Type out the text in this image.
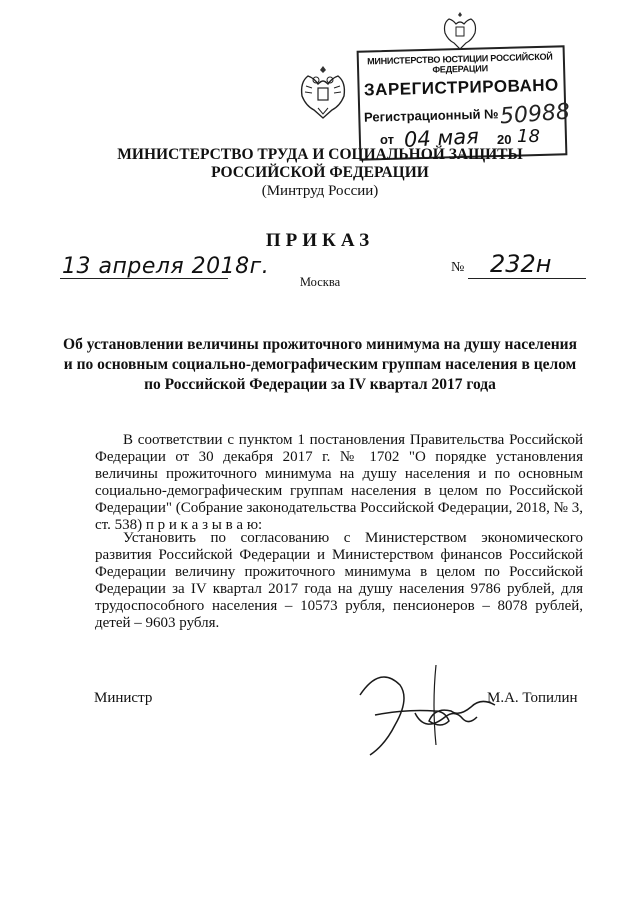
МИНИСТЕРСТВО ЮСТИЦИИ РОССИЙСКОЙ ФЕДЕРАЦИИ
ЗАРЕГИСТРИРОВАНО
Регистрационный № 50988
от 04 мая 20 18
МИНИСТЕРСТВО ТРУДА И СОЦИАЛЬНОЙ ЗАЩИТЫ
РОССИЙСКОЙ ФЕДЕРАЦИИ
(Минтруд России)
ПРИКАЗ
13 апреля 2018г.	№ 232н
Москва
Об установлении величины прожиточного минимума на душу населения и по основным социально-демографическим группам населения в целом по Российской Федерации за IV квартал 2017 года
В соответствии с пунктом 1 постановления Правительства Российской Федерации от 30 декабря 2017 г. № 1702 "О порядке установления величины прожиточного минимума на душу населения и по основным социально-демографическим группам населения в целом по Российской Федерации" (Собрание законодательства Российской Федерации, 2018, № 3, ст. 538) п р и к а з ы в а ю:
Установить по согласованию с Министерством экономического развития Российской Федерации и Министерством финансов Российской Федерации величину прожиточного минимума в целом по Российской Федерации за IV квартал 2017 года на душу населения 9786 рублей, для трудоспособного населения – 10573 рубля, пенсионеров – 8078 рублей, детей – 9603 рубля.
Министр	М.А. Топилин
